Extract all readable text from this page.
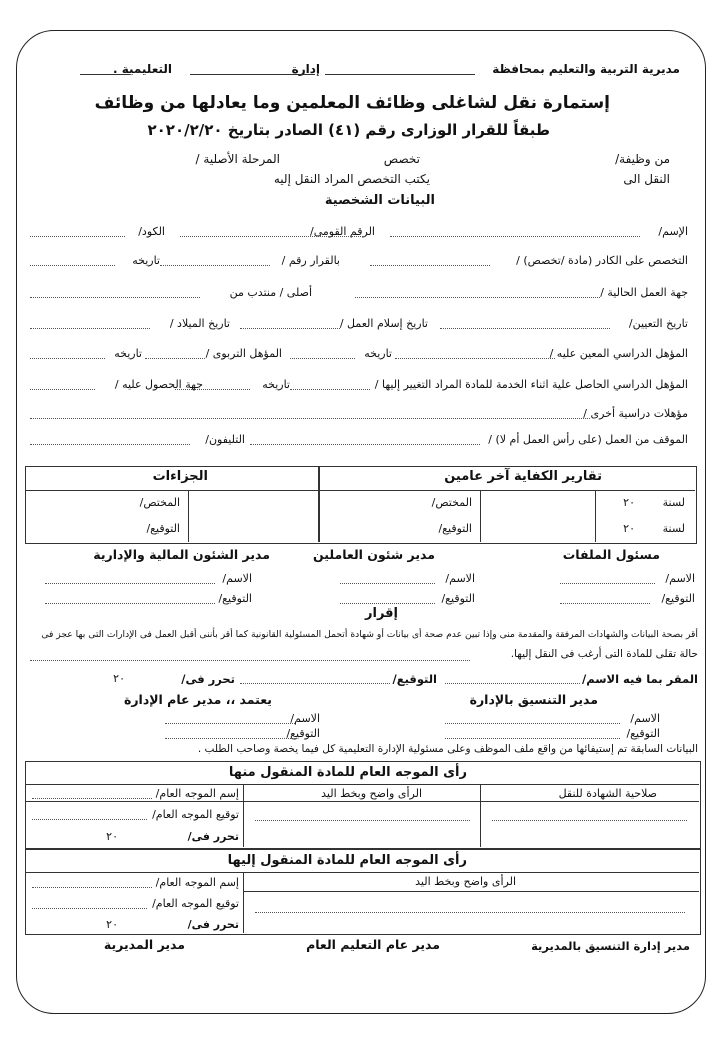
مديرية التربية والتعليم بمحافظة
إدارة
التعليمية .
إستمارة نقل لشاغلى وظائف المعلمين وما يعادلها من وظائف
طبقاً للقرار الوزارى رقم (٤١) الصادر بتاريخ ٢٠٢٠/٢/٢٠
من وظيفة/
تخصص
المرحلة الأصلية /
النقل الى
يكتب التخصص المراد النقل إليه
البيانات الشخصية
الإسم/
الرقم القومى/
الكود/
التخصص على الكادر (مادة /تخصص) /
بالقرار رقم /
تاريخه
جهة العمل الحالية /
أصلى / منتدب من
تاريخ التعيين/
تاريخ إسلام العمل /
تاريخ الميلاد /
المؤهل الدراسي المعين عليه /
تاريخه
المؤهل التربوى /
تاريخه
المؤهل الدراسي الحاصل علية اثناء الخدمة للمادة المراد التغيير إليها /
تاريخه
جهة الحصول عليه /
مؤهلات دراسية أخرى /
الموقف من العمل (على رأس العمل أم لا) /
التليفون/
الجزاءات	تقارير الكفاية آخر عامين
لسنة
٢٠
المختص/
المختص/
لسنة
٢٠
التوقيع/
التوقيع/
مسئول الملفات
مدير شئون العاملين
مدير الشئون المالية والإدارية
الاسم/
الاسم/
الاسم/
التوقيع/
التوقيع/
التوقيع/
إقرار
أقر بصحة البيانات والشهادات المرفقة والمقدمة منى وإذا تبين عدم صحة أى بيانات أو شهادة أتحمل المسئولية القانونية كما أقر بأننى أقبل العمل فى الإدارات التى بها عجز فى
حالة تقلى للمادة التى أرغب فى النقل إليها.
المقر بما فيه الاسم/
التوقيع/
تحرر فى/
٢٠
مدير التنسيق بالإدارة
يعتمد ،، مدير عام الإدارة
الاسم/
الاسم/
التوقيع/
التوقيع/
البيانات السابقة تم إستيفائها من واقع ملف الموظف وعلى مسئولية الإدارة التعليمية كل فيما يخصة وصاحب الطلب .
رأى الموجه العام للمادة المنقول منها
صلاحية الشهادة للنقل
الرأى واضح وبخط اليد
إسم الموجه العام/
توقيع الموجه العام/
تحرر فى/
٢٠
رأى الموجه العام للمادة المنقول إليها
الرأى واضح وبخط اليد
إسم الموجه العام/
توقيع الموجه العام/
تحرر فى/
٢٠
مدير إدارة التنسيق بالمديرية
مدير عام التعليم العام
مدير المديرية
